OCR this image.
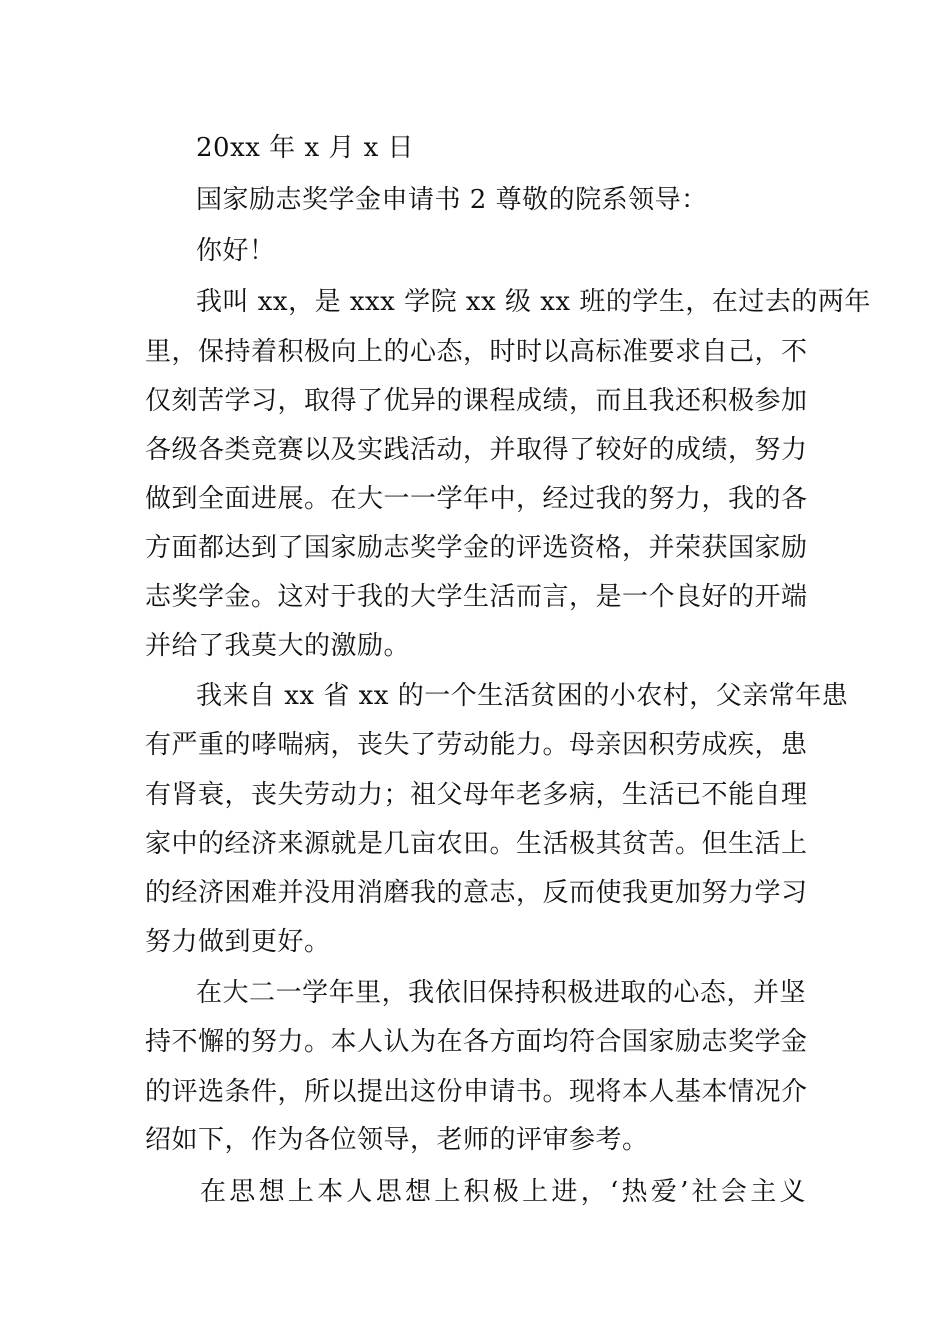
20xx 年 x 月 x 日
国家励志奖学金申请书 2 尊敬的院系领导：
你好！
我叫 xx，是 xxx 学院 xx 级 xx 班的学生，在过去的两年
里，保持着积极向上的心态，时时以高标准要求自己，不
仅刻苦学习，取得了优异的课程成绩，而且我还积极参加
各级各类竞赛以及实践活动，并取得了较好的成绩，努力
做到全面进展。在大一一学年中，经过我的努力，我的各
方面都达到了国家励志奖学金的评选资格，并荣获国家励
志奖学金。这对于我的大学生活而言，是一个良好的开端
并给了我莫大的激励。
我来自 xx 省 xx 的一个生活贫困的小农村，父亲常年患
有严重的哮喘病，丧失了劳动能力。母亲因积劳成疾，患
有肾衰，丧失劳动力；祖父母年老多病，生活已不能自理
家中的经济来源就是几亩农田。生活极其贫苦。但生活上
的经济困难并没用消磨我的意志，反而使我更加努力学习
努力做到更好。
在大二一学年里，我依旧保持积极进取的心态，并坚
持不懈的努力。本人认为在各方面均符合国家励志奖学金
的评选条件，所以提出这份申请书。现将本人基本情况介
绍如下，作为各位领导，老师的评审参考。
在思想上本人思想上积极上进，‘热爱’社会主义
